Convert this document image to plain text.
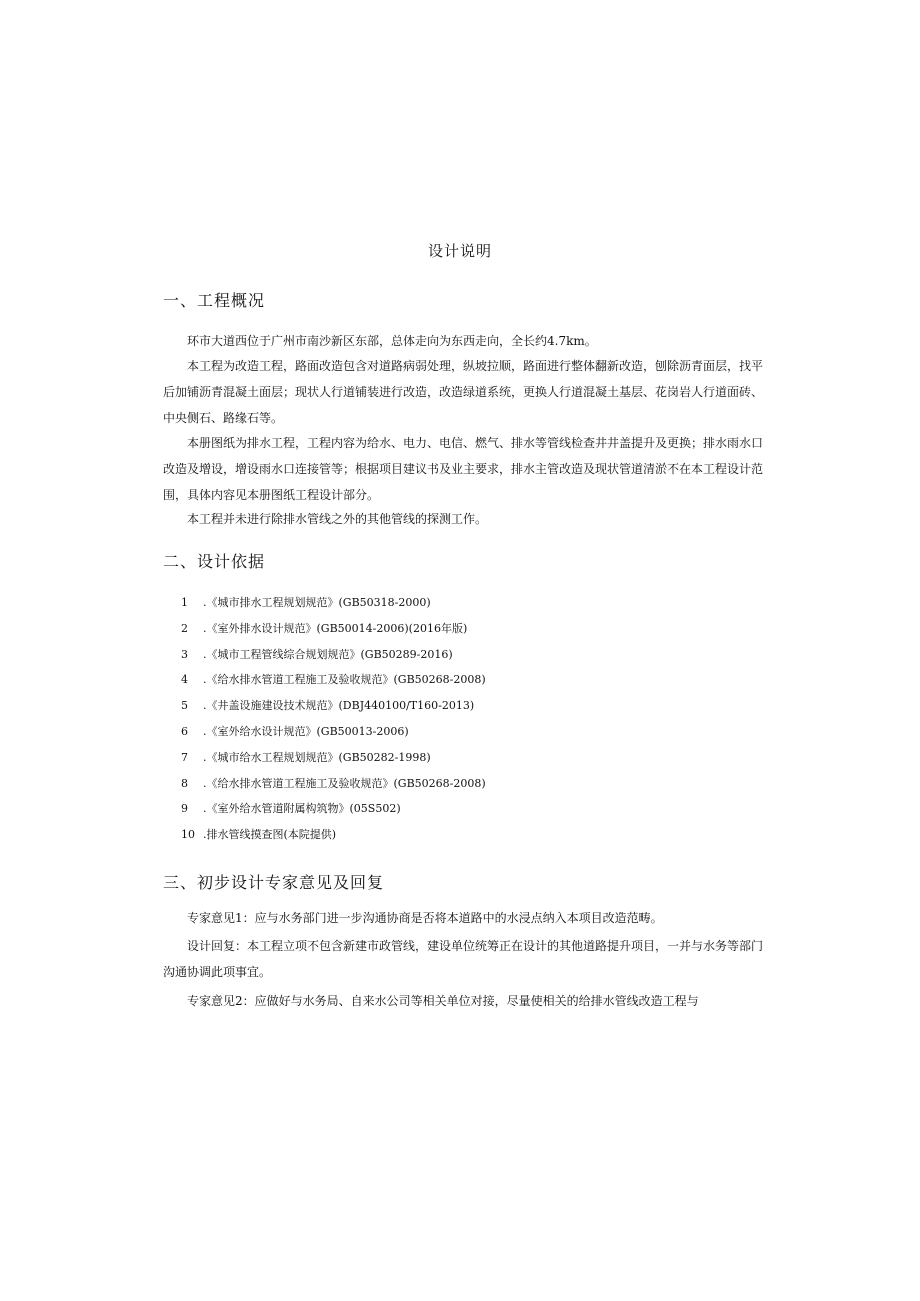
设计说明
一、工程概况

环市大道西位于广州市南沙新区东部，总体走向为东西走向，全长约4.7km。

本工程为改造工程，路面改造包含对道路病弱处理，纵坡拉顺，路面进行整体翻新改造，刨除沥青面层，找平后加铺沥青混凝土面层；现状人行道铺装进行改造，改造绿道系统，更换人行道混凝土基层、花岗岩人行道面砖、中央侧石、路缘石等。

本册图纸为排水工程，工程内容为给水、电力、电信、燃气、排水等管线检查井井盖提升及更换；排水雨水口改造及增设，增设雨水口连接管等；根据项目建议书及业主要求，排水主管改造及现状管道清淤不在本工程设计范围，具体内容见本册图纸工程设计部分。

本工程并未进行除排水管线之外的其他管线的探测工作。

二、设计依据
1 .《城市排水工程规划规范》(GB50318-2000)
2 .《室外排水设计规范》(GB50014-2006)(2016年版)
3 .《城市工程管线综合规划规范》(GB50289-2016)
4 .《给水排水管道工程施工及验收规范》(GB50268-2008)
5 .《井盖设施建设技术规范》(DBJ440100/T160-2013)
6 .《室外给水设计规范》(GB50013-2006)
7 .《城市给水工程规划规范》(GB50282-1998)
8 .《给水排水管道工程施工及验收规范》(GB50268-2008)
9 .《室外给水管道附属构筑物》(05S502)
10 .排水管线摸查图(本院提供)
三、初步设计专家意见及回复

专家意见1：应与水务部门进一步沟通协商是否将本道路中的水浸点纳入本项目改造范畴。

设计回复：本工程立项不包含新建市政管线，建设单位统筹正在设计的其他道路提升项目，一并与水务等部门沟通协调此项事宜。

专家意见2：应做好与水务局、自来水公司等相关单位对接，尽量使相关的给排水管线改造工程与
